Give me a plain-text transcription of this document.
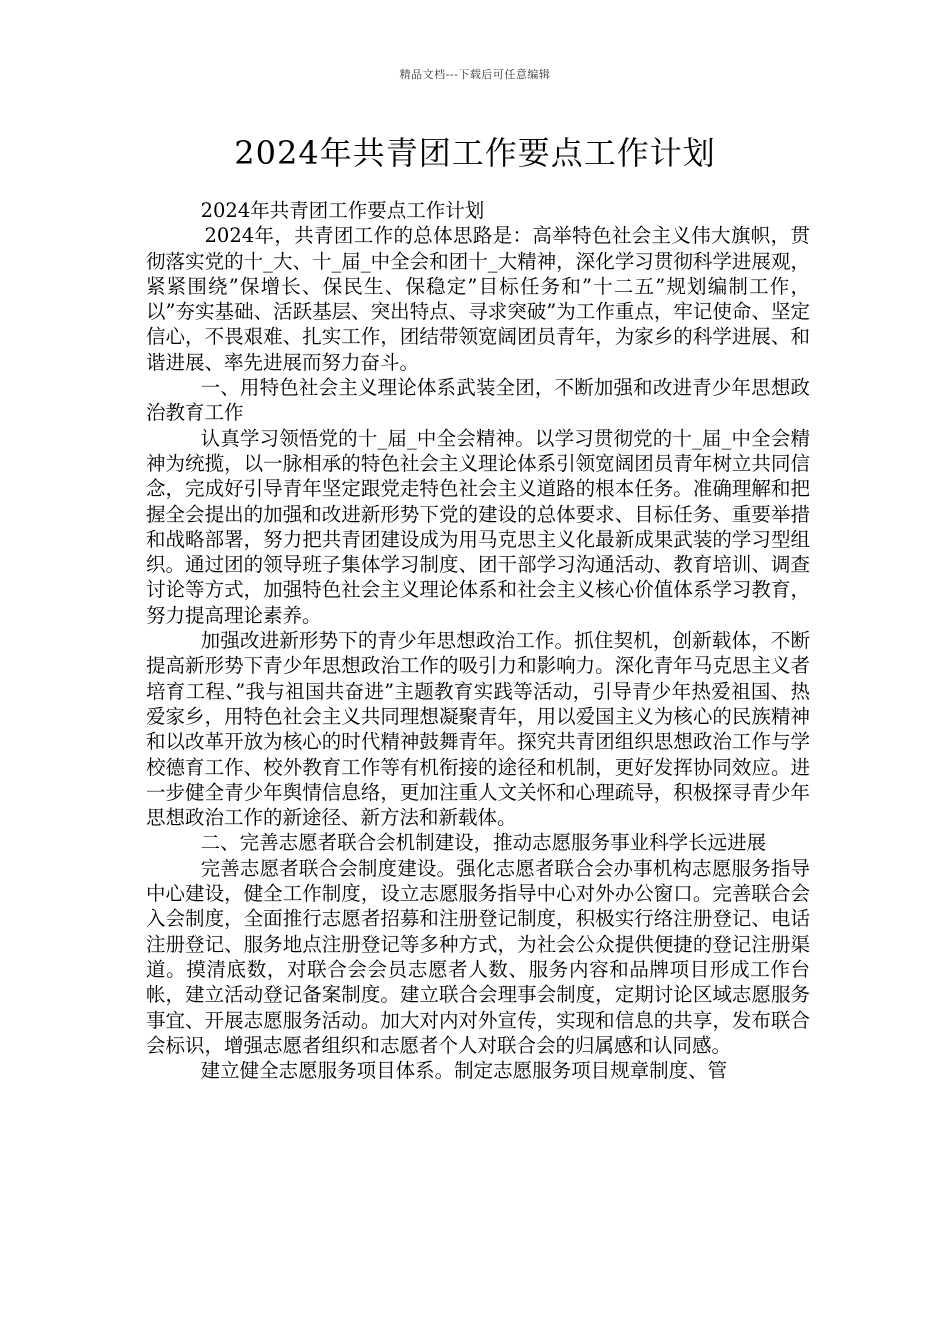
精品文档---下载后可任意编辑
2024年共青团工作要点工作计划

2024年共青团工作要点工作计划

2024年，共青团工作的总体思路是：高举特色社会主义伟大旗帜，贯彻落实党的十_大、十_届_中全会和团十_大精神，深化学习贯彻科学进展观，紧紧围绕”保增长、保民生、保稳定”目标任务和”十二五”规划编制工作，以”夯实基础、活跃基层、突出特点、寻求突破”为工作重点，牢记使命、坚定信心，不畏艰难、扎实工作，团结带领宽阔团员青年，为家乡的科学进展、和谐进展、率先进展而努力奋斗。

一、用特色社会主义理论体系武装全团，不断加强和改进青少年思想政治教育工作

认真学习领悟党的十_届_中全会精神。以学习贯彻党的十_届_中全会精神为统揽，以一脉相承的特色社会主义理论体系引领宽阔团员青年树立共同信念，完成好引导青年坚定跟党走特色社会主义道路的根本任务。准确理解和把握全会提出的加强和改进新形势下党的建设的总体要求、目标任务、重要举措和战略部署，努力把共青团建设成为用马克思主义化最新成果武装的学习型组织。通过团的领导班子集体学习制度、团干部学习沟通活动、教育培训、调查讨论等方式，加强特色社会主义理论体系和社会主义核心价值体系学习教育，努力提高理论素养。

加强改进新形势下的青少年思想政治工作。抓住契机，创新载体，不断提高新形势下青少年思想政治工作的吸引力和影响力。深化青年马克思主义者培育工程、”我与祖国共奋进”主题教育实践等活动，引导青少年热爱祖国、热爱家乡，用特色社会主义共同理想凝聚青年，用以爱国主义为核心的民族精神和以改革开放为核心的时代精神鼓舞青年。探究共青团组织思想政治工作与学校德育工作、校外教育工作等有机衔接的途径和机制，更好发挥协同效应。进一步健全青少年舆情信息络，更加注重人文关怀和心理疏导，积极探寻青少年思想政治工作的新途径、新方法和新载体。

二、完善志愿者联合会机制建设，推动志愿服务事业科学长远进展

完善志愿者联合会制度建设。强化志愿者联合会办事机构志愿服务指导中心建设，健全工作制度，设立志愿服务指导中心对外办公窗口。完善联合会入会制度，全面推行志愿者招募和注册登记制度，积极实行络注册登记、电话注册登记、服务地点注册登记等多种方式，为社会公众提供便捷的登记注册渠道。摸清底数，对联合会会员志愿者人数、服务内容和品牌项目形成工作台帐，建立活动登记备案制度。建立联合会理事会制度，定期讨论区域志愿服务事宜、开展志愿服务活动。加大对内对外宣传，实现和信息的共享，发布联合会标识，增强志愿者组织和志愿者个人对联合会的归属感和认同感。

建立健全志愿服务项目体系。制定志愿服务项目规章制度、管
